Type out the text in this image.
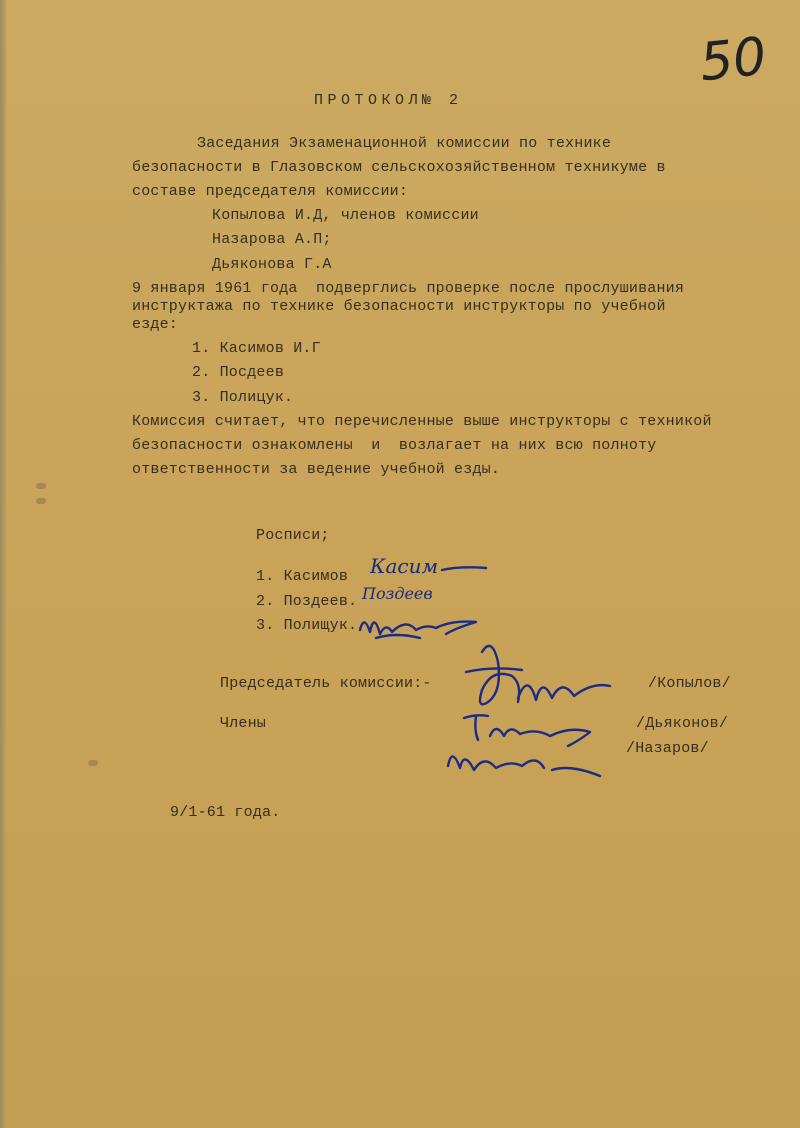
50
ПРОТОКОЛ№ 2
Заседания Экзаменационной комиссии по технике
безопасности в Глазовском сельскохозяйственном техникуме в
составе председателя комиссии:
Копылова И.Д, членов комиссии
Назарова А.П;
Дьяконова Г.А
9 января 1961 года  подверглись проверке после прослушивания
инструктажа по технике безопасности инструкторы по учебной
езде:
1. Касимов И.Г
2. Посдеев
3. Полицук.
Комиссия считает, что перечисленные выше инструкторы с техникой
безопасности ознакомлены  и  возлагает на них всю полноту
ответственности за ведение учебной езды.
Росписи;
1. Касимов
2. Поздеев.
3. Полищук.
Касим
Поздеев
Председатель комиссии:-	/Копылов/
Члены	/Дьяконов/
/Назаров/
9/1-61 года.
